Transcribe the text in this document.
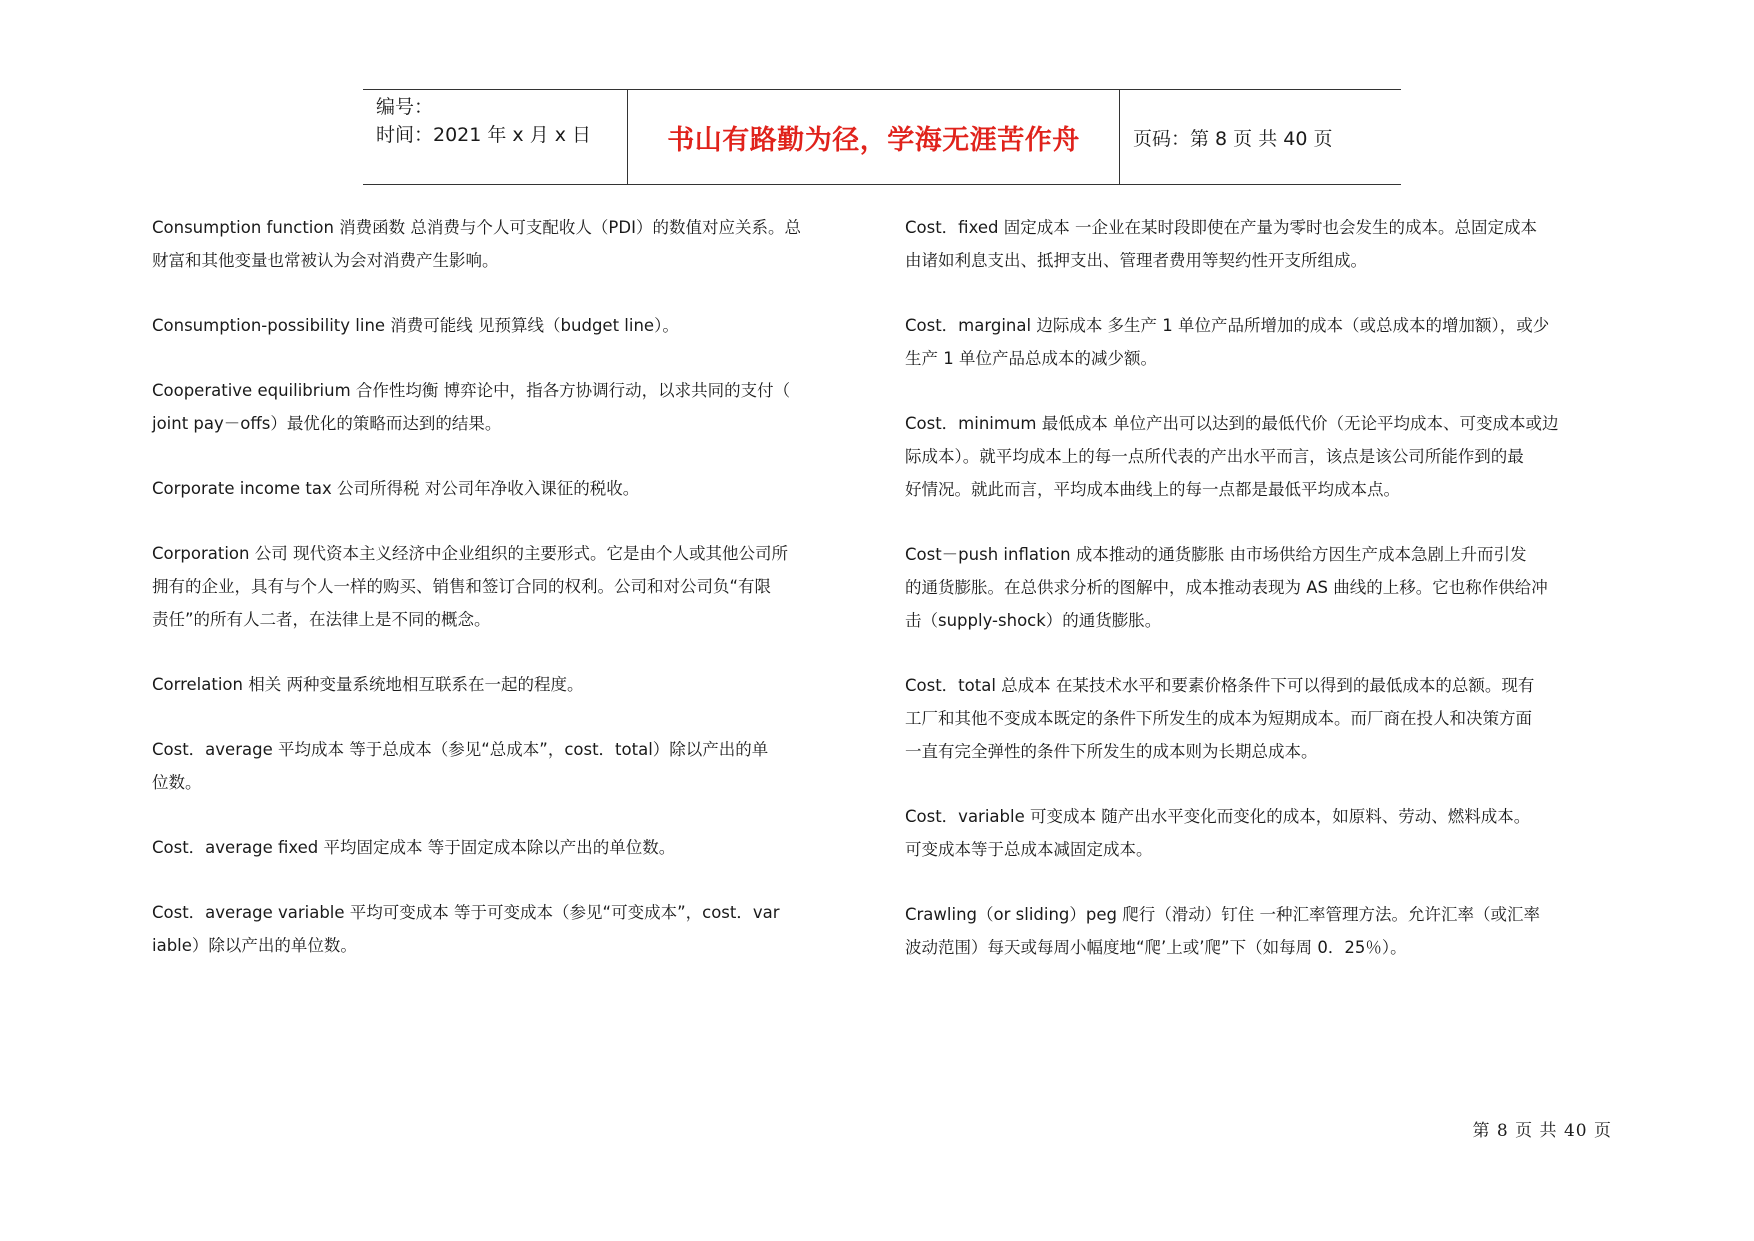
编号：
时间：2021 年 x 月 x 日	书山有路勤为径，学海无涯苦作舟	页码：第 8 页 共 40 页

Consumption function 消费函数 总消费与个人可支配收人（PDI）的数值对应关系。总

财富和其他变量也常被认为会对消费产生影响。

Consumption-possibility line 消费可能线 见预算线（budget line）。

Cooperative equilibrium 合作性均衡 博弈论中，指各方协调行动，以求共同的支付（

joint pay－offs）最优化的策略而达到的结果。

Corporate income tax 公司所得税 对公司年净收入课征的税收。

Corporation 公司 现代资本主义经济中企业组织的主要形式。它是由个人或其他公司所

拥有的企业，具有与个人一样的购买、销售和签订合同的权利。公司和对公司负“有限

责任”的所有人二者，在法律上是不同的概念。

Correlation 相关 两种变量系统地相互联系在一起的程度。

Cost．average 平均成本 等于总成本（参见“总成本”，cost．total）除以产出的单

位数。

Cost．average fixed 平均固定成本 等于固定成本除以产出的单位数。

Cost．average variable 平均可变成本 等于可变成本（参见“可变成本”，cost．var

iable）除以产出的单位数。

Cost．fixed 固定成本 一企业在某时段即使在产量为零时也会发生的成本。总固定成本

由诸如利息支出、抵押支出、管理者费用等契约性开支所组成。

Cost．marginal 边际成本 多生产 1 单位产品所增加的成本（或总成本的增加额），或少

生产 1 单位产品总成本的减少额。

Cost．minimum 最低成本 单位产出可以达到的最低代价（无论平均成本、可变成本或边

际成本）。就平均成本上的每一点所代表的产出水平而言，该点是该公司所能作到的最

好情况。就此而言，平均成本曲线上的每一点都是最低平均成本点。

Cost－push inflation 成本推动的通货膨胀 由市场供给方因生产成本急剧上升而引发

的通货膨胀。在总供求分析的图解中，成本推动表现为 AS 曲线的上移。它也称作供给冲

击（supply-shock）的通货膨胀。

Cost．total 总成本 在某技术水平和要素价格条件下可以得到的最低成本的总额。现有

工厂和其他不变成本既定的条件下所发生的成本为短期成本。而厂商在投人和决策方面

一直有完全弹性的条件下所发生的成本则为长期总成本。

Cost．variable 可变成本 随产出水平变化而变化的成本，如原料、劳动、燃料成本。

可变成本等于总成本减固定成本。

Crawling（or sliding）peg 爬行（滑动）钉住 一种汇率管理方法。允许汇率（或汇率

波动范围）每天或每周小幅度地“爬’上或’爬”下（如每周 0．25％）。

第 8 页 共 40 页
